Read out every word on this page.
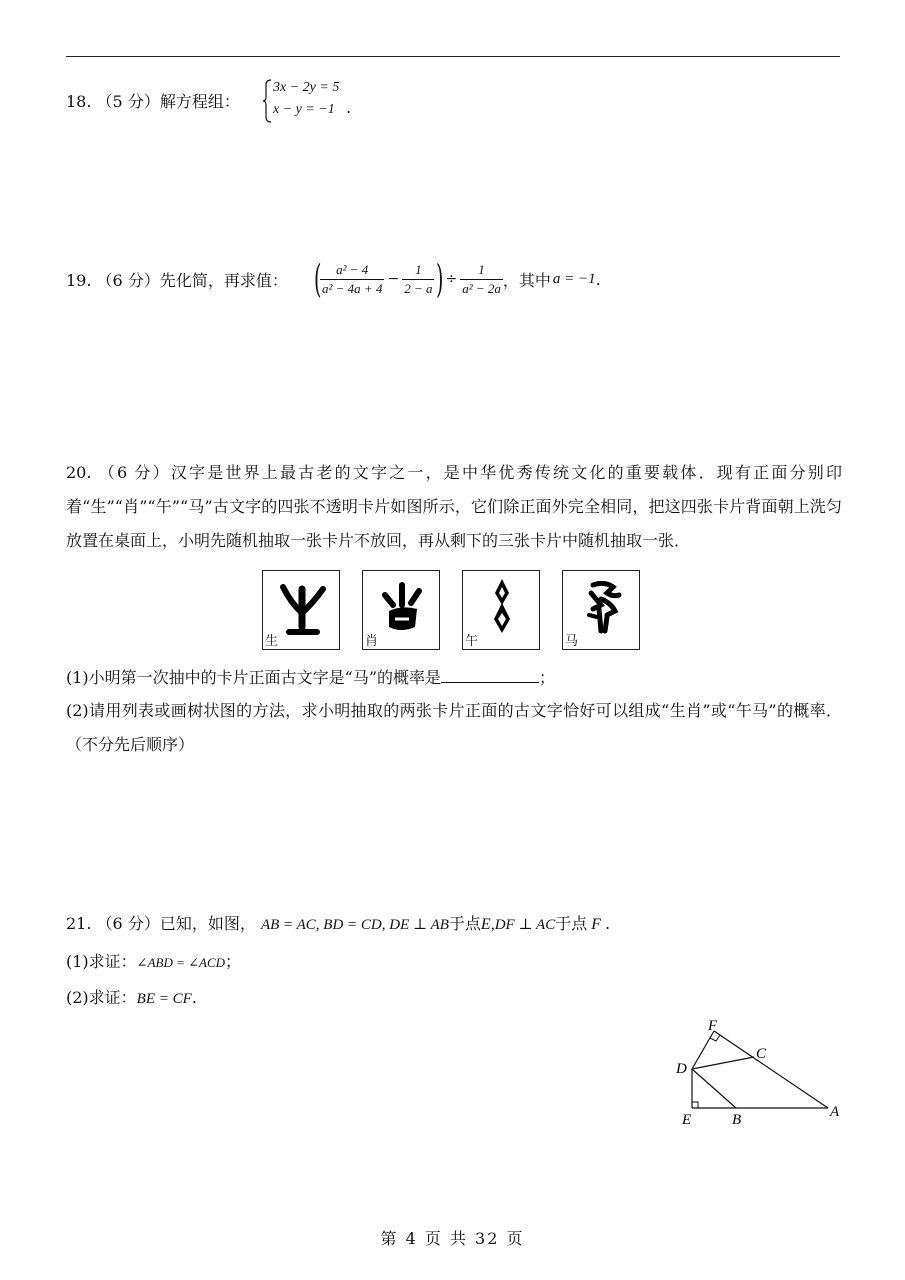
18. （5 分）解方程组：
3x − 2y = 5
x − y = −1 .
19. （6 分）先化简，再求值： (
$\frac{\text{a² − 4}}{\text{a² − 4a + 4}} - \frac{1}{2 - a}$ ) ÷ $\frac{1}{\text{a² − 2a}}$ ，其中 a = −1 .
20. （6 分）汉字是世界上最古老的文字之一，是中华优秀传统文化的重要载体．现有正面分别印着“生”“肖”“午”“马”古文字的四张不透明卡片如图所示，它们除正面外完全相同，把这四张卡片背面朝上洗匀放置在桌面上，小明先随机抽取一张卡片不放回，再从剩下的三张卡片中随机抽取一张．
生	肖	午	马
(1)小明第一次抽中的卡片正面古文字是“马”的概率是	；
(2)请用列表或画树状图的方法，求小明抽取的两张卡片正面的古文字恰好可以组成“生肖”或“午马”的概率．（不分先后顺序）
21. （6 分）已知，如图， AB = AC, BD = CD, DE ⊥ AB于点E,DF ⊥ AC于点 F .
(1)求证：∠ABD = ∠ACD；
(2)求证：BE = CF.
F
C
D
E	B	A
第 4 页 共 32 页
